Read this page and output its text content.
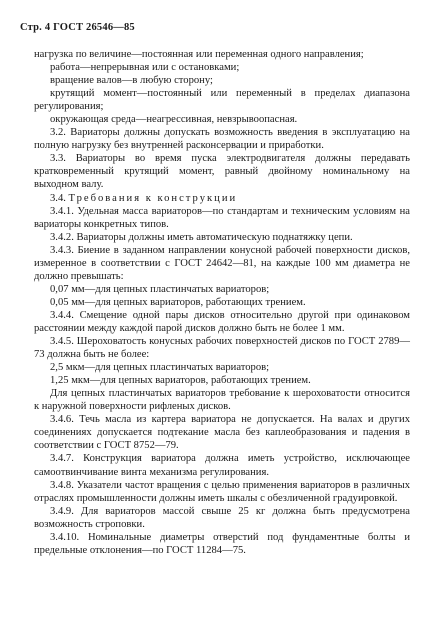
Стр. 4 ГОСТ 26546—85

нагрузка по величине—постоянная или переменная одного направления;

работа—непрерывная или с остановками;

вращение валов—в любую сторону;

крутящий момент—постоянный или переменный в пределах диапазона регулирования;

окружающая среда—неагрессивная, невзрывоопасная.

3.2. Вариаторы должны допускать возможность введения в эксплуатацию на полную нагрузку без внутренней расконсервации и приработки.

3.3. Вариаторы во время пуска электродвигателя должны передавать кратковременный крутящий момент, равный двойному номинальному на выходном валу.

3.4. Требования к конструкции

3.4.1. Удельная масса вариаторов—по стандартам и техническим условиям на вариаторы конкретных типов.

3.4.2. Вариаторы должны иметь автоматическую поднатяжку цепи.

3.4.3. Биение в заданном направлении конусной рабочей поверхности дисков, измеренное в соответствии с ГОСТ 24642—81, на каждые 100 мм диаметра не должно превышать:

0,07 мм—для цепных пластинчатых вариаторов;

0,05 мм—для цепных вариаторов, работающих трением.

3.4.4. Смещение одной пары дисков относительно другой при одинаковом расстоянии между каждой парой дисков должно быть не более 1 мм.

3.4.5. Шероховатость конусных рабочих поверхностей дисков по ГОСТ 2789—73 должна быть не более:

2,5 мкм—для цепных пластинчатых вариаторов;

1,25 мкм—для цепных вариаторов, работающих трением.

Для цепных пластинчатых вариаторов требование к шероховатости относится к наружной поверхности рифленых дисков.

3.4.6. Течь масла из картера вариатора не допускается. На валах и других соединениях допускается подтекание масла без каплеобразования и падения в соответствии с ГОСТ 8752—79.

3.4.7. Конструкция вариатора должна иметь устройство, исключающее самоотвинчивание винта механизма регулирования.

3.4.8. Указатели частот вращения с целью применения вариаторов в различных отраслях промышленности должны иметь шкалы с обезличенной градуировкой.

3.4.9. Для вариаторов массой свыше 25 кг должна быть предусмотрена возможность строповки.

3.4.10. Номинальные диаметры отверстий под фундаментные болты и предельные отклонения—по ГОСТ 11284—75.
